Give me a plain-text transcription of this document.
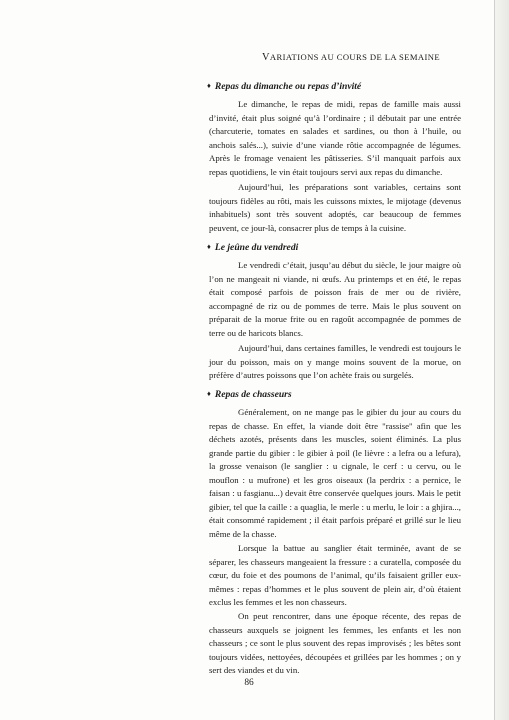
VARIATIONS AU COURS DE LA SEMAINE
♦ Repas du dimanche ou repas d’invité

Le dimanche, le repas de midi, repas de famille mais aussi d’invité, était plus soigné qu’à l’ordinaire ; il débutait par une entrée (charcuterie, tomates en salades et sardines, ou thon à l’huile, ou anchois salés...), suivie d’une viande rôtie accompagnée de légumes. Après le fromage venaient les pâtisseries. S’il manquait parfois aux repas quotidiens, le vin était toujours servi aux repas du dimanche.

Aujourd’hui, les préparations sont variables, certains sont toujours fidèles au rôti, mais les cuissons mixtes, le mijotage (devenus inhabituels) sont très souvent adoptés, car beaucoup de femmes peuvent, ce jour-là, consacrer plus de temps à la cuisine.

♦ Le jeûne du vendredi

Le vendredi c’était, jusqu’au début du siècle, le jour maigre où l’on ne mangeait ni viande, ni œufs. Au printemps et en été, le repas était composé parfois de poisson frais de mer ou de rivière, accompagné de riz ou de pommes de terre. Mais le plus souvent on préparait de la morue frite ou en ragoût accompagnée de pommes de terre ou de haricots blancs.

Aujourd’hui, dans certaines familles, le vendredi est toujours le jour du poisson, mais on y mange moins souvent de la morue, on préfère d’autres poissons que l’on achète frais ou surgelés.

♦ Repas de chasseurs

Généralement, on ne mange pas le gibier du jour au cours du repas de chasse. En effet, la viande doit être "rassise" afin que les déchets azotés, présents dans les muscles, soient éliminés. La plus grande partie du gibier : le gibier à poil (le lièvre : a lefra ou a lefura), la grosse venaison (le sanglier : u cignale, le cerf : u cervu, ou le mouflon : u mufrone) et les gros oiseaux (la perdrix : a pernice, le faisan : u fasgianu...) devait être conservée quelques jours. Mais le petit gibier, tel que la caille : a quaglia, le merle : u merlu, le loir : a ghjira..., était consommé rapidement ; il était parfois préparé et grillé sur le lieu même de la chasse.

Lorsque la battue au sanglier était terminée, avant de se séparer, les chasseurs mangeaient la fressure : a curatella, composée du cœur, du foie et des poumons de l’animal, qu’ils faisaient griller eux-mêmes : repas d’hommes et le plus souvent de plein air, d’où étaient exclus les femmes et les non chasseurs.

On peut rencontrer, dans une époque récente, des repas de chasseurs auxquels se joignent les femmes, les enfants et les non chasseurs ; ce sont le plus souvent des repas improvisés ; les bêtes sont toujours vidées, nettoyées, découpées et grillées par les hommes ; on y sert des viandes et du vin.

86
